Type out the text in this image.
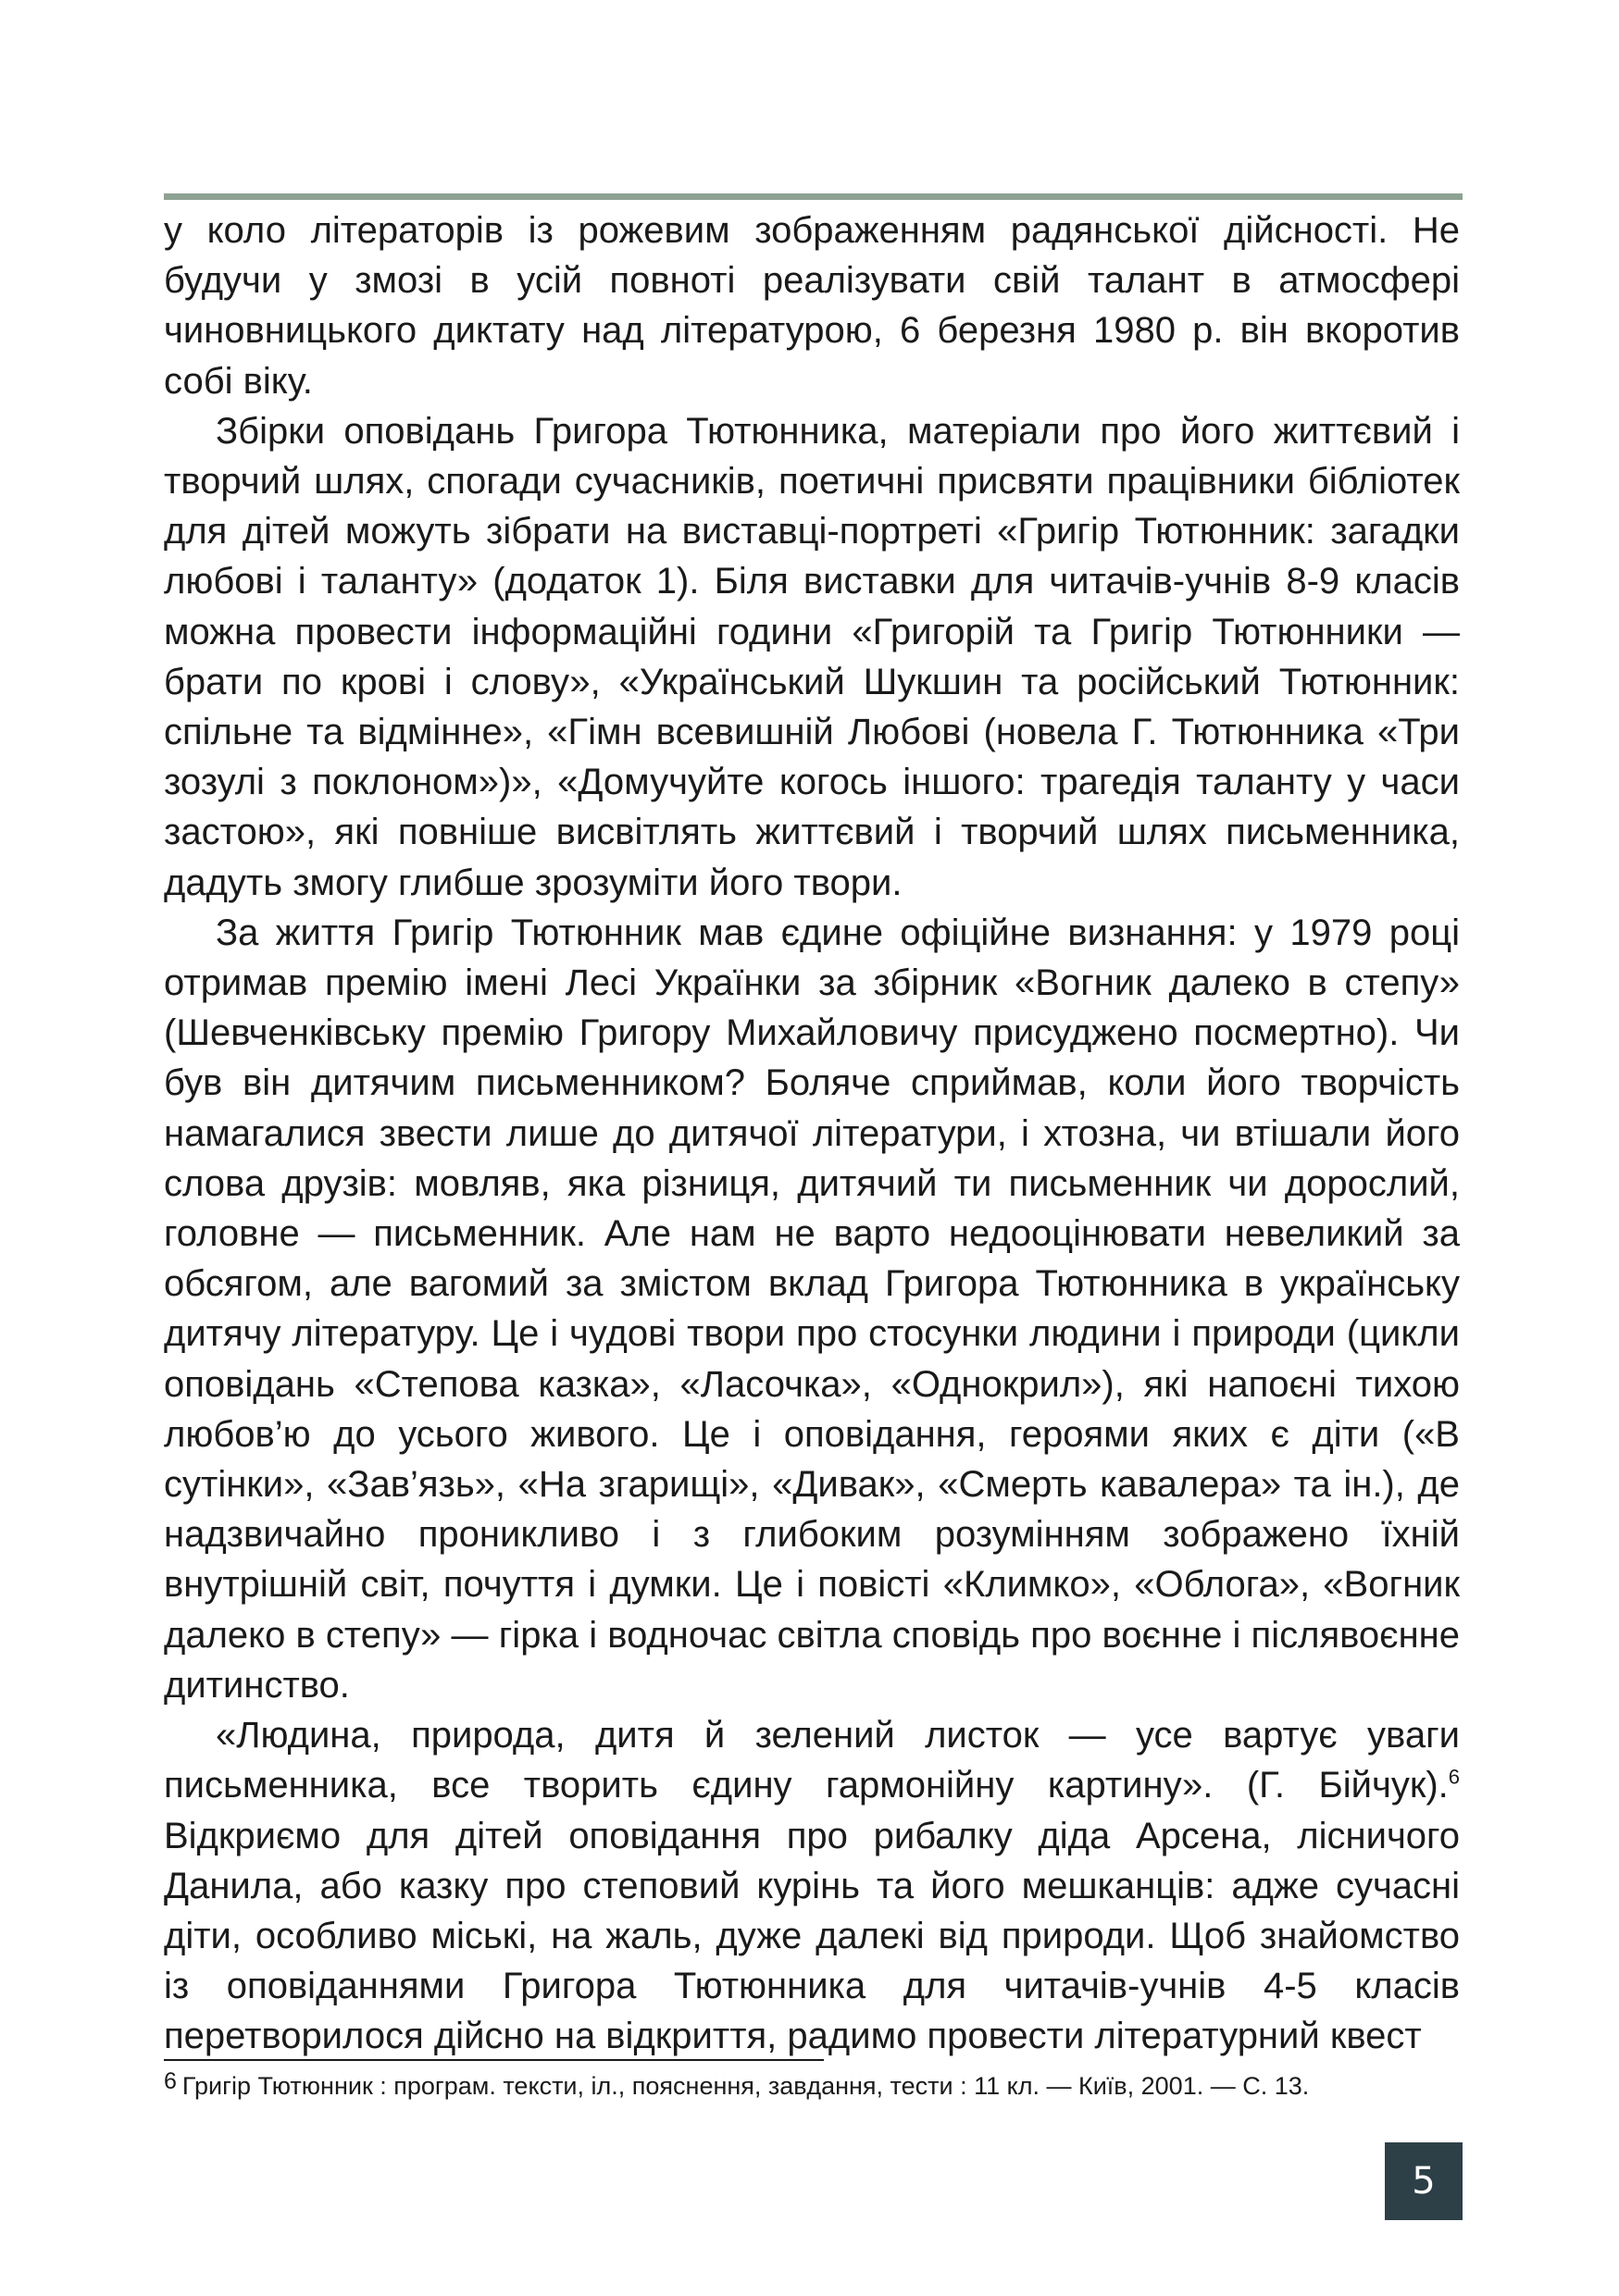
у коло літераторів із рожевим зображенням радянської дійсності. Не будучи у змозі в усій повноті реалізувати свій талант в атмосфері чиновницького диктату над літературою, 6 березня 1980 р. він вкоротив собі віку.

Збірки оповідань Григора Тютюнника, матеріали про його життєвий і творчий шлях, спогади сучасників, поетичні присвяти працівники бібліотек для дітей можуть зібрати на виставці-портреті «Григір Тютюнник: загадки любові і таланту» (додаток 1). Біля виставки для читачів-учнів 8-9 класів можна провести інформаційні години «Григорій та Григір Тютюнники — брати по крові і слову», «Український Шукшин та російський Тютюнник: спільне та відмінне», «Гімн всевишній Любові (новела Г. Тютюнника «Три зозулі з поклоном»)», «Домучуйте когось іншого: трагедія таланту у часи застою», які повніше висвітлять життєвий і творчий шлях письменника, дадуть змогу глибше зрозуміти його твори.

За життя Григір Тютюнник мав єдине офіційне визнання: у 1979 році отримав премію імені Лесі Українки за збірник «Вогник далеко в степу» (Шевченківську премію Григору Михайловичу присуджено посмертно). Чи був він дитячим письменником? Боляче сприймав, коли його творчість намагалися звести лише до дитячої літератури, і хтозна, чи втішали його слова друзів: мовляв, яка різниця, дитячий ти письменник чи дорослий, головне — письменник. Але нам не варто недооцінювати невеликий за обсягом, але вагомий за змістом вклад Григора Тютюнника в українську дитячу літературу. Це і чудові твори про стосунки людини і природи (цикли оповідань «Степова казка», «Ласочка», «Однокрил»), які напоєні тихою любов’ю до усього живого. Це і оповідання, героями яких є діти («В сутінки», «Зав’язь», «На згарищі», «Дивак», «Смерть кавалера» та ін.), де надзвичайно проникливо і з глибоким розумінням зображено їхній внутрішній світ, почуття і думки. Це і повісті «Климко», «Облога», «Вогник далеко в степу» — гірка і водночас світла сповідь про воєнне і післявоєнне дитинство.

«Людина, природа, дитя й зелений листок — усе вартує уваги письменника, все творить єдину гармонійну картину». (Г. Бійчук).$^6$ Відкриємо для дітей оповідання про рибалку діда Арсена, лісничого Данила, або казку про степовий курінь та його мешканців: адже сучасні діти, особливо міські, на жаль, дуже далекі від природи. Щоб знайомство із оповіданнями Григора Тютюнника для читачів-учнів 4-5 класів перетворилося дійсно на відкриття, радимо провести літературний квест

$^6$ Григір Тютюнник : програм. тексти, іл., пояснення, завдання, тести : 11 кл. — Київ, 2001. — С. 13.
5
